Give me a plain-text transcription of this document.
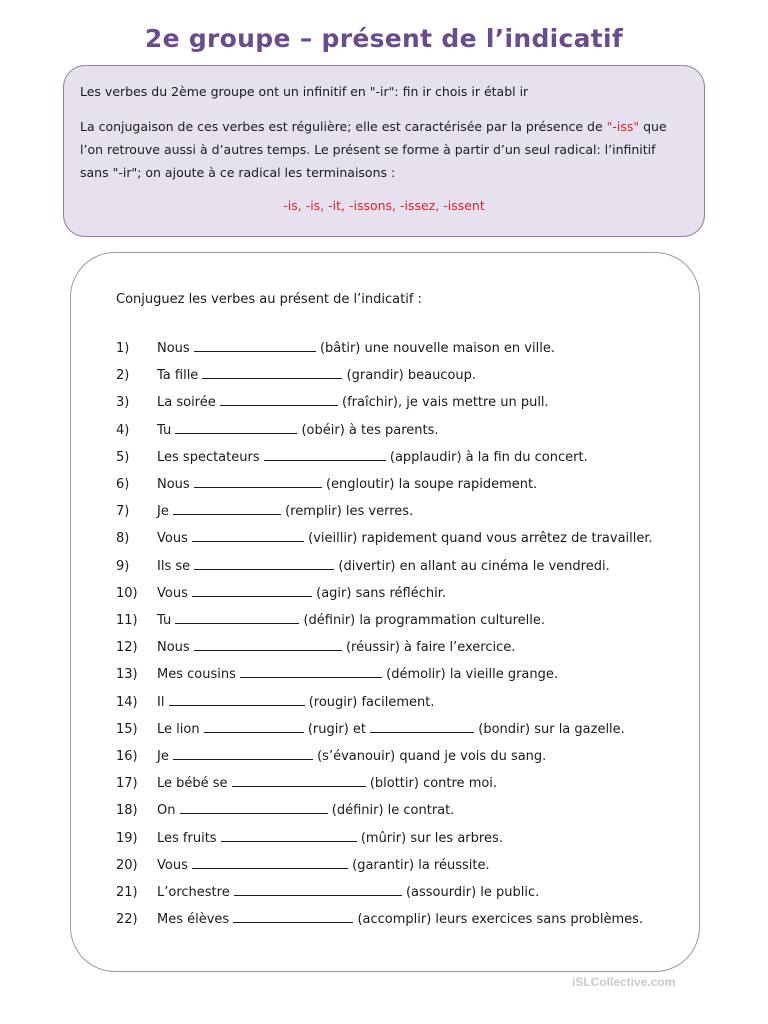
2e groupe – présent de l’indicatif

Les verbes du 2ème groupe ont un infinitif en "-ir": fin ir chois ir établ ir

La conjugaison de ces verbes est régulière; elle est caractérisée par la présence de "-iss" que l’on retrouve aussi à d’autres temps. Le présent se forme à partir d’un seul radical: l’infinitif sans "-ir"; on ajoute à ce radical les terminaisons :

-is, -is, -it, -issons, -issez, -issent
Conjuguez les verbes au présent de l’indicatif :
1) Nous	(bâtir) une nouvelle maison en ville.
2) Ta fille	(grandir) beaucoup.
3) La soirée	(fraîchir), je vais mettre un pull.
4) Tu	(obéir) à tes parents.
5) Les spectateurs	(applaudir) à la fin du concert.
6) Nous	(engloutir) la soupe rapidement.
7) Je	(remplir) les verres.
8) Vous	(vieillir) rapidement quand vous arrêtez de travailler.
9) Ils se	(divertir) en allant au cinéma le vendredi.
10) Vous	(agir) sans réfléchir.
11) Tu	(définir) la programmation culturelle.
12) Nous	(réussir) à faire l’exercice.
13) Mes cousins	(démolir) la vieille grange.
14) Il	(rougir) facilement.
15) Le lion	(rugir) et	(bondir) sur la gazelle.
16) Je	(s’évanouir) quand je vois du sang.
17) Le bébé se	(blottir) contre moi.
18) On	(définir) le contrat.
19) Les fruits	(mûrir) sur les arbres.
20) Vous	(garantir) la réussite.
21) L’orchestre	(assourdir) le public.
22) Mes élèves	(accomplir) leurs exercices sans problèmes.
iSLCollective.com
